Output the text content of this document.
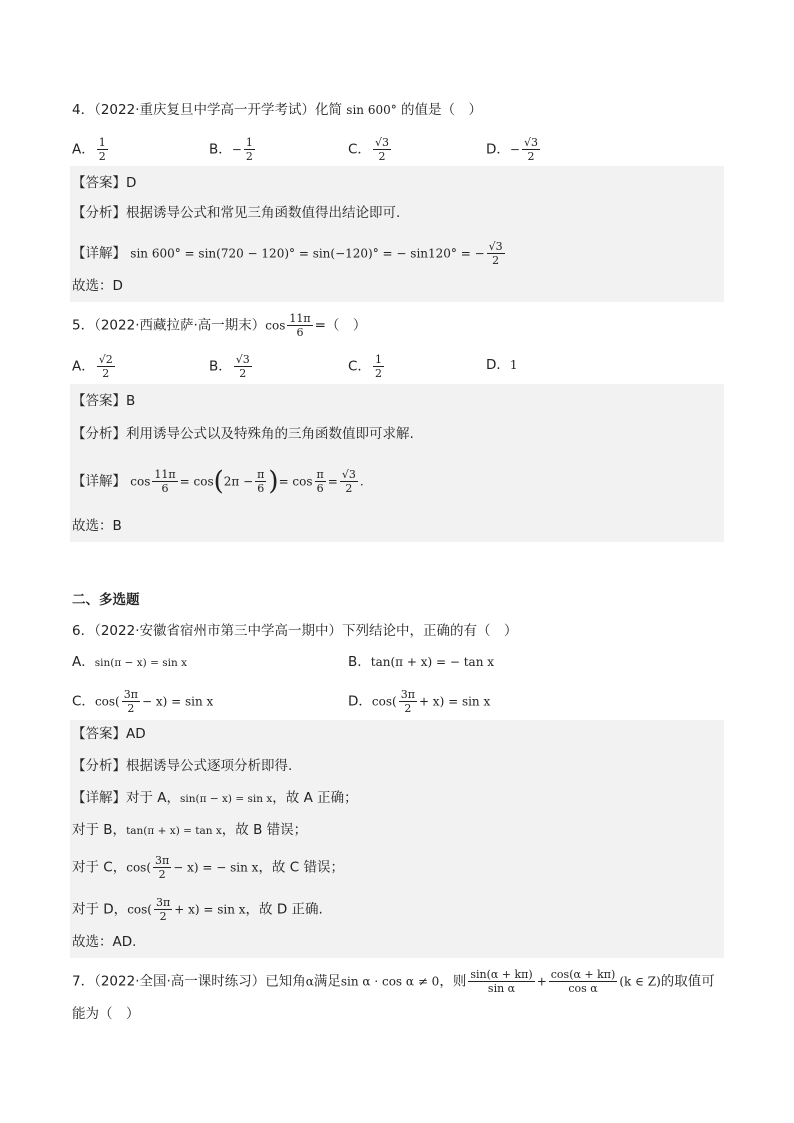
4．（2022·重庆复旦中学高一开学考试）化简 sin 600° 的值是（　）
A． $\frac{1}{2}$	B．− $\frac{1}{2}$	C． $\frac{√3}{2}$	D．− $\frac{√3}{2}$
【答案】D
【分析】根据诱导公式和常见三角函数值得出结论即可.
【详解】 sin 600° = sin(720 − 120)° = sin(−120)° = − sin120° = − $\frac{√3}{2}$
故选：D
5．（2022·西藏拉萨·高一期末）$\cos \frac{11\pi}{6}$ =（　）
A． $\frac{√2}{2}$	B． $\frac{√3}{2}$	C． $\frac{1}{2}$	D．1
【答案】B
【分析】利用诱导公式以及特殊角的三角函数值即可求解.
【详解】 $\cos \frac{11\pi}{6} = \cos(2\pi - \frac{\pi}{6}$ )= $\cos \frac{\pi}{6} = \frac{√3}{2}$ .
故选：B
二、多选题
6．（2022·安徽省宿州市第三中学高一期中）下列结论中，正确的有（　）
A．sin(π − x) = sin x	B．tan(π + x) = − tan x
C．$\cos( \frac{3\pi}{2} - x) = \sin x$	D．$\cos( \frac{3\pi}{2} + x) = \sin x$
【答案】AD
【分析】根据诱导公式逐项分析即得.
【详解】对于 A，sin(π − x) = sin x，故 A 正确；
对于 B，tan(π + x) = tan x，故 B 错误；
对于 C，$\cos( \frac{3\pi}{2} - x)$ = − sin x，故 C 错误；
对于 D，$\cos( \frac{3\pi}{2} + x) = \sin x$，故 D 正确.
故选：AD.
7．（2022·全国·高一课时练习）已知角α满足sin α · cos α ≠ 0，则 $\frac{\sin(\alpha + k\pi)}{\text{sin α}} + \frac{\cos(\alpha + k\pi)}{\text{cos α}} (k$ ∈ Z)的取值可
能为（　）
